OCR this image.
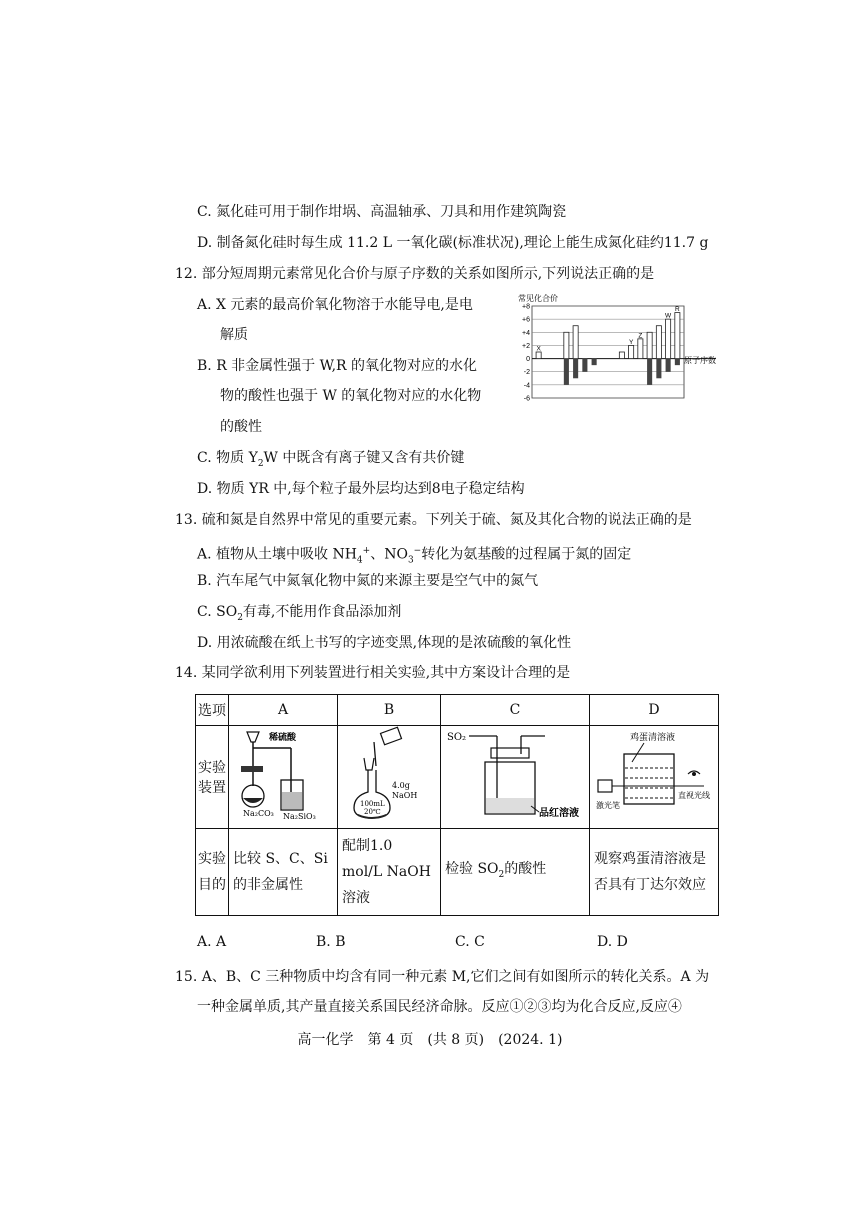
C. 氮化硅可用于制作坩埚、高温轴承、刀具和用作建筑陶瓷
D. 制备氮化硅时每生成 11.2 L 一氧化碳(标准状况),理论上能生成氮化硅约11.7 g
12. 部分短周期元素常见化合价与原子序数的关系如图所示,下列说法正确的是
A. X 元素的最高价氧化物溶于水能导电,是电
解质
B. R 非金属性强于 W,R 的氧化物对应的水化
物的酸性也强于 W 的氧化物对应的水化物
的酸性
C. 物质 $Y_2W$ 中既含有离子键又含有共价键
D. 物质 YR 中,每个粒子最外层均达到8电子稳定结构
常见化合价
+8
+6
+4
+2
0
-2
-4
-6
X
Y
Z
W
R
原子序数
13. 硫和氮是自然界中常见的重要元素。下列关于硫、氮及其化合物的说法正确的是
A. 植物从土壤中吸收 $NH_4^+$、$NO_3^-$转化为氨基酸的过程属于氮的固定
B. 汽车尾气中氮氧化物中氮的来源主要是空气中的氮气
C. $SO_2$有毒,不能用作食品添加剂
D. 用浓硫酸在纸上书写的字迹变黑,体现的是浓硫酸的氧化性
14. 某同学欲利用下列装置进行相关实验,其中方案设计合理的是
选项	A	B	C	D
实验装置	稀硫酸
Na₂CO₃ Na₂SiO₃	4.0g
NaOH
100mL
20℃	SO₂
品红溶液	鸡蛋清溶液
激光笔
直视光线

实验目的	比较 S、C、Si 的非金属性	配制1.0 mol/L NaOH 溶液	检验 $SO_2$的酸性	观察鸡蛋清溶液是否具有丁达尔效应
A. A	B. B	C. C	D. D
15. A、B、C 三种物质中均含有同一种元素 M,它们之间有如图所示的转化关系。A 为
一种金属单质,其产量直接关系国民经济命脉。反应①②③均为化合反应,反应④
高一化学　第 4 页　(共 8 页)　(2024. 1)
